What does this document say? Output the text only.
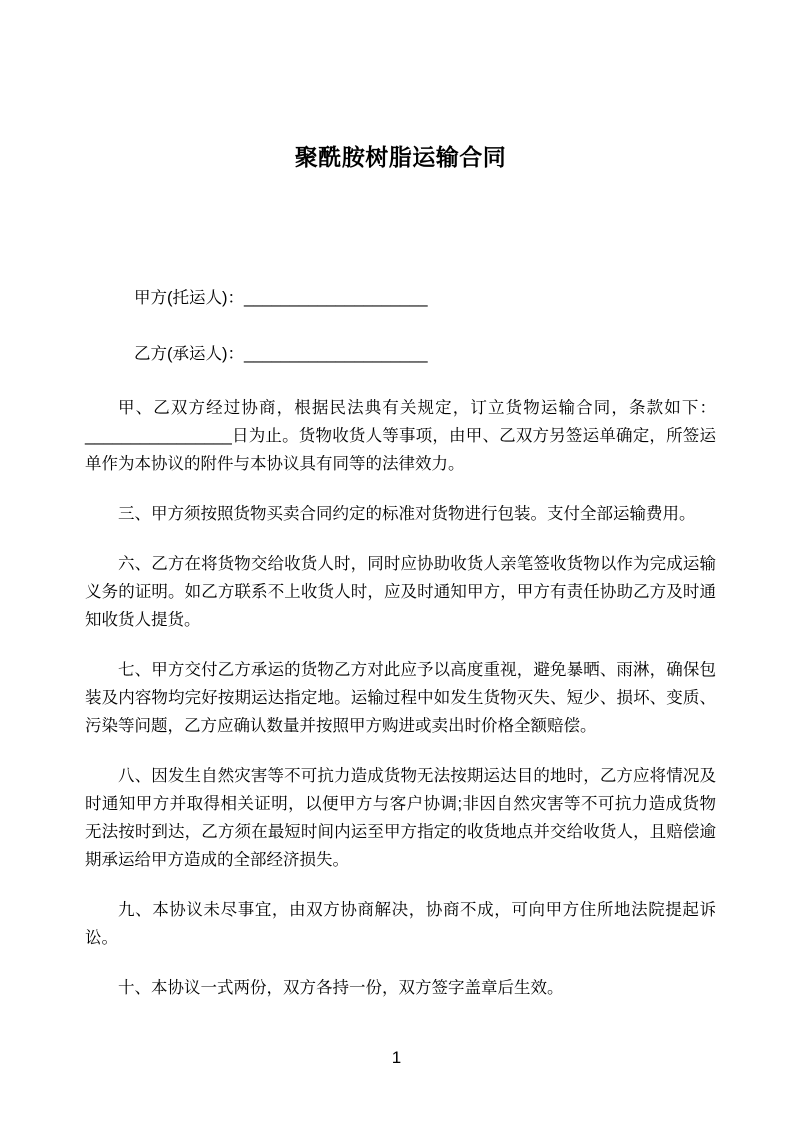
聚酰胺树脂运输合同
甲方(托运人)：____________________
乙方(承运人)：____________________

甲、乙双方经过协商，根据民法典有关规定，订立货物运输合同，条款如下：________________日为止。货物收货人等事项，由甲、乙双方另签运单确定，所签运单作为本协议的附件与本协议具有同等的法律效力。

三、甲方须按照货物买卖合同约定的标准对货物进行包装。支付全部运输费用。

六、乙方在将货物交给收货人时，同时应协助收货人亲笔签收货物以作为完成运输义务的证明。如乙方联系不上收货人时，应及时通知甲方，甲方有责任协助乙方及时通知收货人提货。

七、甲方交付乙方承运的货物乙方对此应予以高度重视，避免暴晒、雨淋，确保包装及内容物均完好按期运达指定地。运输过程中如发生货物灭失、短少、损坏、变质、污染等问题，乙方应确认数量并按照甲方购进或卖出时价格全额赔偿。

八、因发生自然灾害等不可抗力造成货物无法按期运达目的地时，乙方应将情况及时通知甲方并取得相关证明，以便甲方与客户协调;非因自然灾害等不可抗力造成货物无法按时到达，乙方须在最短时间内运至甲方指定的收货地点并交给收货人，且赔偿逾期承运给甲方造成的全部经济损失。

九、本协议未尽事宜，由双方协商解决，协商不成，可向甲方住所地法院提起诉讼。

十、本协议一式两份，双方各持一份，双方签字盖章后生效。

1
